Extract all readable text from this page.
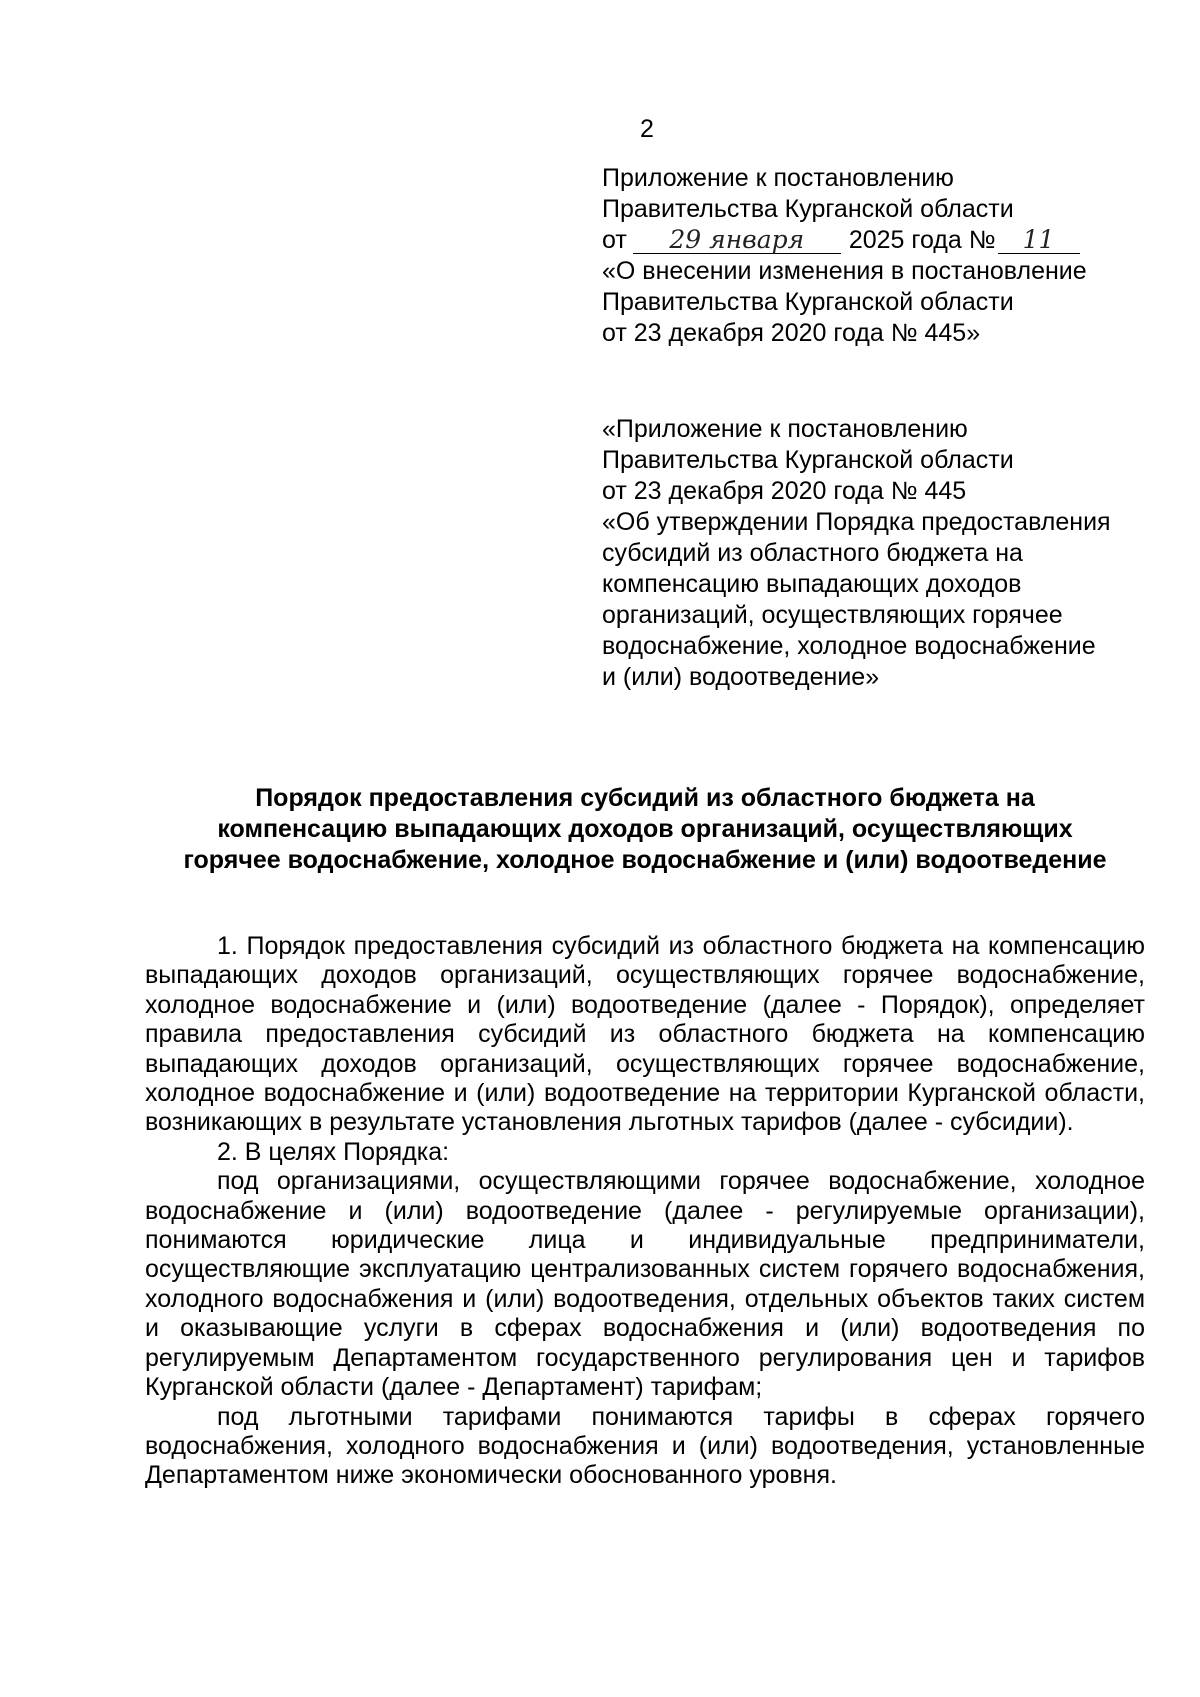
2

Приложение к постановлению

Правительства Курганской области

от 29 января 2025 года № 11

«О внесении изменения в постановление

Правительства Курганской области

от 23 декабря 2020 года № 445»

«Приложение к постановлению

Правительства Курганской области

от 23 декабря 2020 года № 445

«Об утверждении Порядка предоставления

субсидий из областного бюджета на

компенсацию выпадающих доходов

организаций, осуществляющих горячее

водоснабжение, холодное водоснабжение

и (или) водоотведение»

Порядок предоставления субсидий из областного бюджета на

компенсацию выпадающих доходов организаций, осуществляющих

горячее водоснабжение, холодное водоснабжение и (или) водоотведение

1. Порядок предоставления субсидий из областного бюджета на компенсацию выпадающих доходов организаций, осуществляющих горячее водоснабжение, холодное водоснабжение и (или) водоотведение (далее - Порядок), определяет правила предоставления субсидий из областного бюджета на компенсацию выпадающих доходов организаций, осуществляющих горячее водоснабжение, холодное водоснабжение и (или) водоотведение на территории Курганской области, возникающих в результате установления льготных тарифов (далее - субсидии).

2. В целях Порядка:

под организациями, осуществляющими горячее водоснабжение, холодное водоснабжение и (или) водоотведение (далее - регулируемые организации), понимаются юридические лица и индивидуальные предприниматели, осуществляющие эксплуатацию централизованных систем горячего водоснабжения, холодного водоснабжения и (или) водоотведения, отдельных объектов таких систем и оказывающие услуги в сферах водоснабжения и (или) водоотведения по регулируемым Департаментом государственного регулирования цен и тарифов Курганской области (далее - Департамент) тарифам;

под льготными тарифами понимаются тарифы в сферах горячего водоснабжения, холодного водоснабжения и (или) водоотведения, установленные Департаментом ниже экономически обоснованного уровня.
